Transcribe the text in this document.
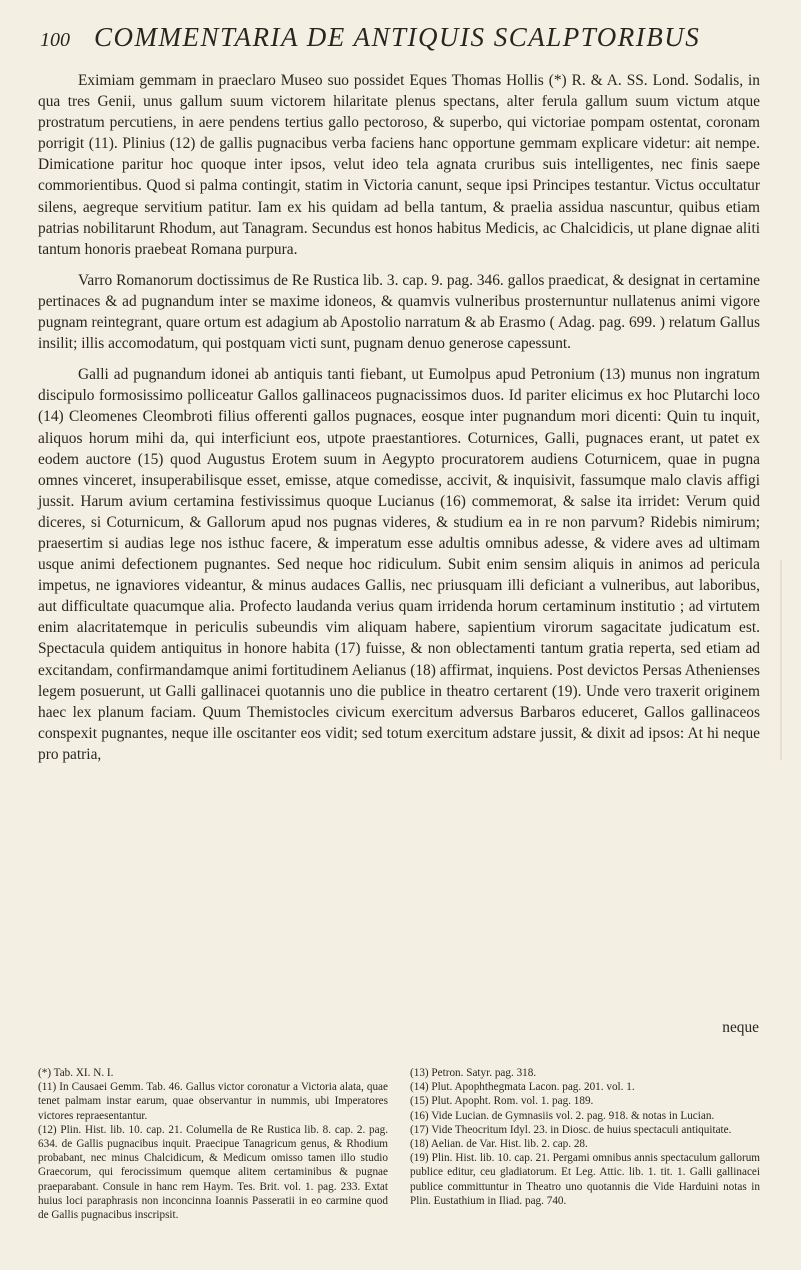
100 COMMENTARIA DE ANTIQUIS SCALPTORIBUS

Eximiam gemmam in praeclaro Museo suo possidet Eques Thomas Hollis (*) R. & A. SS. Lond. Sodalis, in qua tres Genii, unus gallum suum victorem hilaritate plenus spectans, alter ferula gallum suum victum atque prostratum percutiens, in aere pendens tertius gallo pectoroso, & superbo, qui victoriae pompam ostentat, coronam porrigit (11). Plinius (12) de gallis pugnacibus verba faciens hanc opportune gemmam explicare videtur: ait nempe. Dimicatione paritur hoc quoque inter ipsos, velut ideo tela agnata cruribus suis intelligentes, nec finis saepe commorientibus. Quod si palma contingit, statim in Victoria canunt, seque ipsi Principes testantur. Victus occultatur silens, aegreque servitium patitur. Iam ex his quidam ad bella tantum, & praelia assidua nascuntur, quibus etiam patrias nobilitarunt Rhodum, aut Tanagram. Secundus est honos habitus Medicis, ac Chalcidicis, ut plane dignae aliti tantum honoris praebeat Romana purpura.

Varro Romanorum doctissimus de Re Rustica lib. 3. cap. 9. pag. 346. gallos praedicat, & designat in certamine pertinaces & ad pugnandum inter se maxime idoneos, & quamvis vulneribus prosternuntur nullatenus animi vigore pugnam reintegrant, quare ortum est adagium ab Apostolio narratum & ab Erasmo ( Adag. pag. 699. ) relatum Gallus insilit; illis accomodatum, qui postquam victi sunt, pugnam denuo generose capessunt.

Galli ad pugnandum idonei ab antiquis tanti fiebant, ut Eumolpus apud Petronium (13) munus non ingratum discipulo formosissimo polliceatur Gallos gallinaceos pugnacissimos duos. Id pariter elicimus ex hoc Plutarchi loco (14) Cleomenes Cleombroti filius offerenti gallos pugnaces, eosque inter pugnandum mori dicenti: Quin tu inquit, aliquos horum mihi da, qui interficiunt eos, utpote praestantiores. Coturnices, Galli, pugnaces erant, ut patet ex eodem auctore (15) quod Augustus Erotem suum in Aegypto procuratorem audiens Coturnicem, quae in pugna omnes vinceret, insuperabilisque esset, emisse, atque comedisse, accivit, & inquisivit, fassumque malo clavis affigi jussit. Harum avium certamina festivissimus quoque Lucianus (16) commemorat, & salse ita irridet: Verum quid diceres, si Coturnicum, & Gallorum apud nos pugnas videres, & studium ea in re non parvum? Ridebis nimirum; praesertim si audias lege nos isthuc facere, & imperatum esse adultis omnibus adesse, & videre aves ad ultimam usque animi defectionem pugnantes. Sed neque hoc ridiculum. Subit enim sensim aliquis in animos ad pericula impetus, ne ignaviores videantur, & minus audaces Gallis, nec priusquam illi deficiant a vulneribus, aut laboribus, aut difficultate quacumque alia. Profecto laudanda verius quam irridenda horum certaminum institutio ; ad virtutem enim alacritatemque in periculis subeundis vim aliquam habere, sapientium virorum sagacitate judicatum est. Spectacula quidem antiquitus in honore habita (17) fuisse, & non oblectamenti tantum gratia reperta, sed etiam ad excitandam, confirmandamque animi fortitudinem Aelianus (18) affirmat, inquiens. Post devictos Persas Athenienses legem posuerunt, ut Galli gallinacei quotannis uno die publice in theatro certarent (19). Unde vero traxerit originem haec lex planum faciam. Quum Themistocles civicum exercitum adversus Barbaros educeret, Gallos gallinaceos conspexit pugnantes, neque ille oscitanter eos vidit; sed totum exercitum adstare jussit, & dixit ad ipsos: At hi neque pro patria,

neque
(*) Tab. XI. N. I.
(11) In Causaei Gemm. Tab. 46. Gallus victor coronatur a Victoria alata, quae tenet palmam instar earum, quae observantur in nummis, ubi Imperatores victores repraesentantur.
(12) Plin. Hist. lib. 10. cap. 21. Columella de Re Rustica lib. 8. cap. 2. pag. 634. de Gallis pugnacibus inquit. Praecipue Tanagricum genus, & Rhodium probabant, nec minus Chalcidicum, & Medicum omisso tamen illo studio Graecorum, qui ferocissimum quemque alitem certaminibus & pugnae praeparabant. Consule in hanc rem Haym. Tes. Brit. vol. 1. pag. 233. Extat huius loci paraphrasis non inconcinna Ioannis Passeratii in eo carmine quod de Gallis pugnacibus inscripsit.
(13) Petron. Satyr. pag. 318.
(14) Plut. Apophthegmata Lacon. pag. 201. vol. 1.
(15) Plut. Apopht. Rom. vol. 1. pag. 189.
(16) Vide Lucian. de Gymnasiis vol. 2. pag. 918. & notas in Lucian.
(17) Vide Theocritum Idyl. 23. in Diosc. de huius spectaculi antiquitate.
(18) Aelian. de Var. Hist. lib. 2. cap. 28.
(19) Plin. Hist. lib. 10. cap. 21. Pergami omnibus annis spectaculum gallorum publice editur, ceu gladiatorum. Et Leg. Attic. lib. 1. tit. 1. Galli gallinacei publice committuntur in Theatro uno quotannis die Vide Harduini notas in Plin. Eustathium in Iliad. pag. 740.
